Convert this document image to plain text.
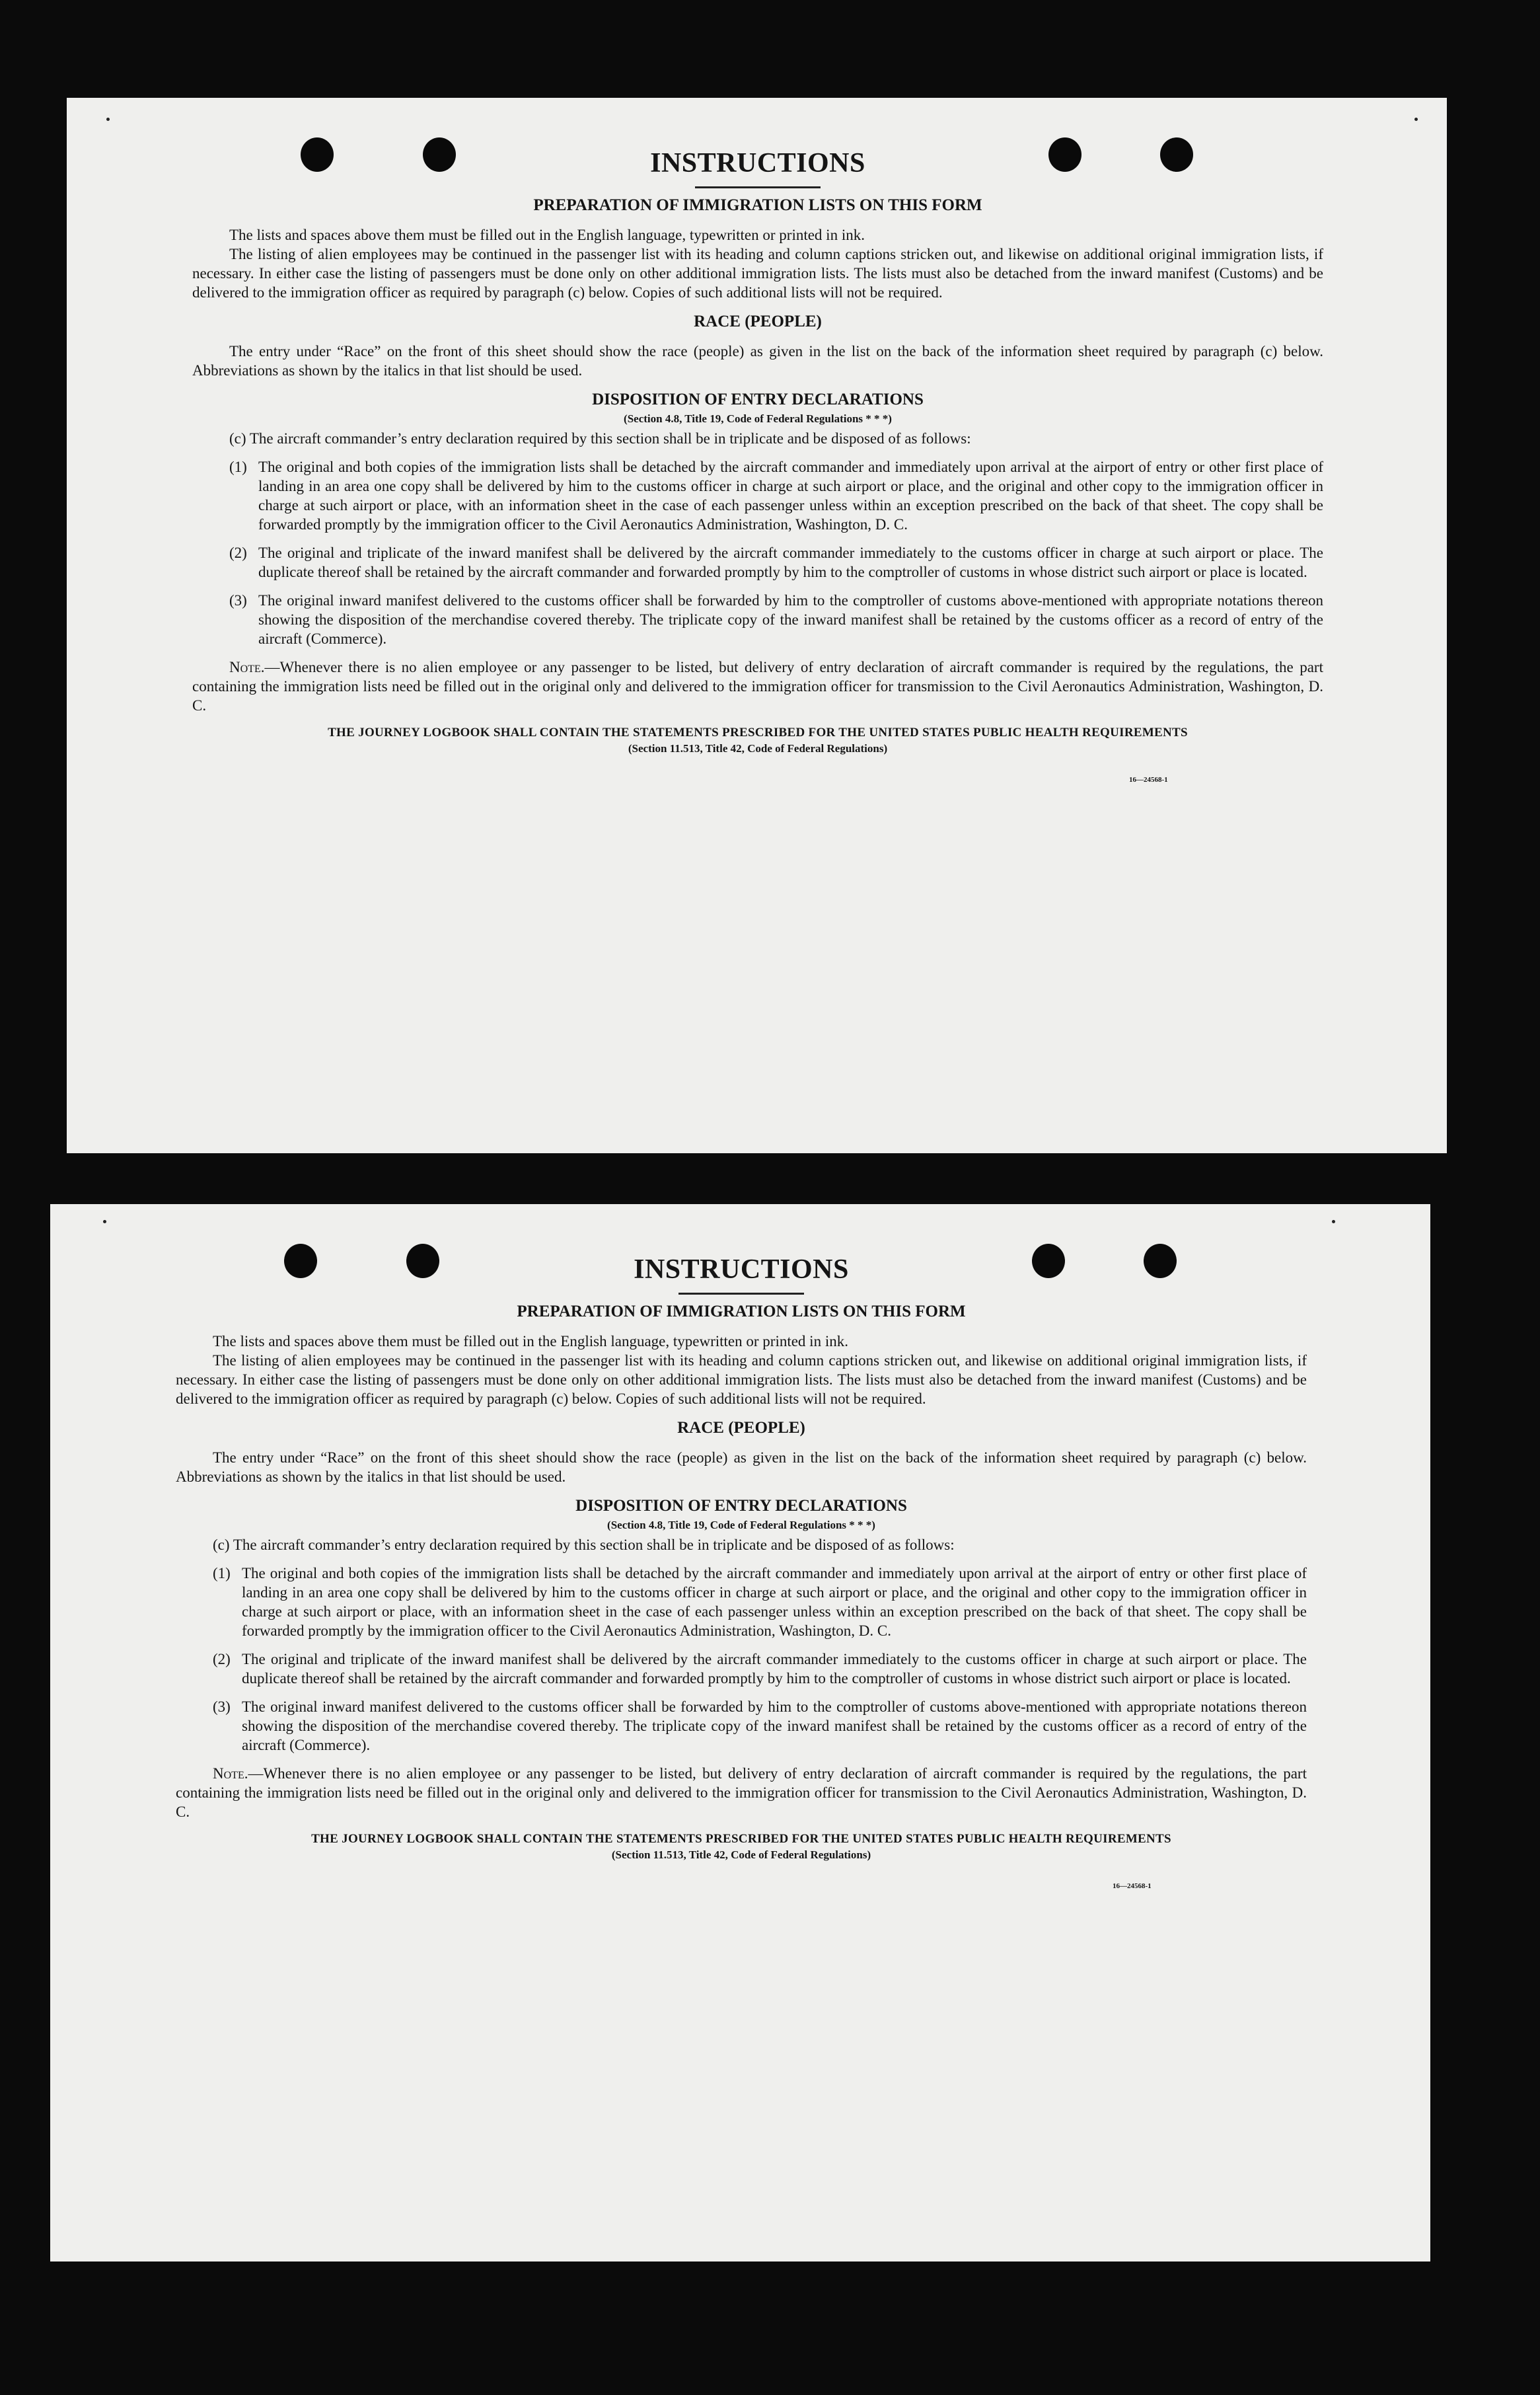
INSTRUCTIONS
PREPARATION OF IMMIGRATION LISTS ON THIS FORM

The lists and spaces above them must be filled out in the English language, typewritten or printed in ink.

The listing of alien employees may be continued in the passenger list with its heading and column captions stricken out, and likewise on additional original immigration lists, if necessary. In either case the listing of passengers must be done only on other additional immigration lists. The lists must also be detached from the inward manifest (Customs) and be delivered to the immigration officer as required by paragraph (c) below. Copies of such additional lists will not be required.

RACE (PEOPLE)

The entry under “Race” on the front of this sheet should show the race (people) as given in the list on the back of the information sheet required by paragraph (c) below. Abbreviations as shown by the italics in that list should be used.

DISPOSITION OF ENTRY DECLARATIONS
(Section 4.8, Title 19, Code of Federal Regulations * * *)

(c) The aircraft commander’s entry declaration required by this section shall be in triplicate and be disposed of as follows:

(1) The original and both copies of the immigration lists shall be detached by the aircraft commander and immediately upon arrival at the airport of entry or other first place of landing in an area one copy shall be delivered by him to the customs officer in charge at such airport or place, and the original and other copy to the immigration officer in charge at such airport or place, with an information sheet in the case of each passenger unless within an exception prescribed on the back of that sheet. The copy shall be forwarded promptly by the immigration officer to the Civil Aeronautics Administration, Washington, D. C.
(2) The original and triplicate of the inward manifest shall be delivered by the aircraft commander immediately to the customs officer in charge at such airport or place. The duplicate thereof shall be retained by the aircraft commander and forwarded promptly by him to the comptroller of customs in whose district such airport or place is located.
(3) The original inward manifest delivered to the customs officer shall be forwarded by him to the comptroller of customs above-mentioned with appropriate notations thereon showing the disposition of the merchandise covered thereby. The triplicate copy of the inward manifest shall be retained by the customs officer as a record of entry of the aircraft (Commerce).

Note.—Whenever there is no alien employee or any passenger to be listed, but delivery of entry declaration of aircraft commander is required by the regulations, the part containing the immigration lists need be filled out in the original only and delivered to the immigration officer for transmission to the Civil Aeronautics Administration, Washington, D. C.

THE JOURNEY LOGBOOK SHALL CONTAIN THE STATEMENTS PRESCRIBED FOR THE UNITED STATES PUBLIC HEALTH REQUIREMENTS
(Section 11.513, Title 42, Code of Federal Regulations)
16—24568-1
INSTRUCTIONS
PREPARATION OF IMMIGRATION LISTS ON THIS FORM

The lists and spaces above them must be filled out in the English language, typewritten or printed in ink.

The listing of alien employees may be continued in the passenger list with its heading and column captions stricken out, and likewise on additional original immigration lists, if necessary. In either case the listing of passengers must be done only on other additional immigration lists. The lists must also be detached from the inward manifest (Customs) and be delivered to the immigration officer as required by paragraph (c) below. Copies of such additional lists will not be required.

RACE (PEOPLE)

The entry under “Race” on the front of this sheet should show the race (people) as given in the list on the back of the information sheet required by paragraph (c) below. Abbreviations as shown by the italics in that list should be used.

DISPOSITION OF ENTRY DECLARATIONS
(Section 4.8, Title 19, Code of Federal Regulations * * *)

(c) The aircraft commander’s entry declaration required by this section shall be in triplicate and be disposed of as follows:

(1) The original and both copies of the immigration lists shall be detached by the aircraft commander and immediately upon arrival at the airport of entry or other first place of landing in an area one copy shall be delivered by him to the customs officer in charge at such airport or place, and the original and other copy to the immigration officer in charge at such airport or place, with an information sheet in the case of each passenger unless within an exception prescribed on the back of that sheet. The copy shall be forwarded promptly by the immigration officer to the Civil Aeronautics Administration, Washington, D. C.
(2) The original and triplicate of the inward manifest shall be delivered by the aircraft commander immediately to the customs officer in charge at such airport or place. The duplicate thereof shall be retained by the aircraft commander and forwarded promptly by him to the comptroller of customs in whose district such airport or place is located.
(3) The original inward manifest delivered to the customs officer shall be forwarded by him to the comptroller of customs above-mentioned with appropriate notations thereon showing the disposition of the merchandise covered thereby. The triplicate copy of the inward manifest shall be retained by the customs officer as a record of entry of the aircraft (Commerce).

Note.—Whenever there is no alien employee or any passenger to be listed, but delivery of entry declaration of aircraft commander is required by the regulations, the part containing the immigration lists need be filled out in the original only and delivered to the immigration officer for transmission to the Civil Aeronautics Administration, Washington, D. C.

THE JOURNEY LOGBOOK SHALL CONTAIN THE STATEMENTS PRESCRIBED FOR THE UNITED STATES PUBLIC HEALTH REQUIREMENTS
(Section 11.513, Title 42, Code of Federal Regulations)
16—24568-1
